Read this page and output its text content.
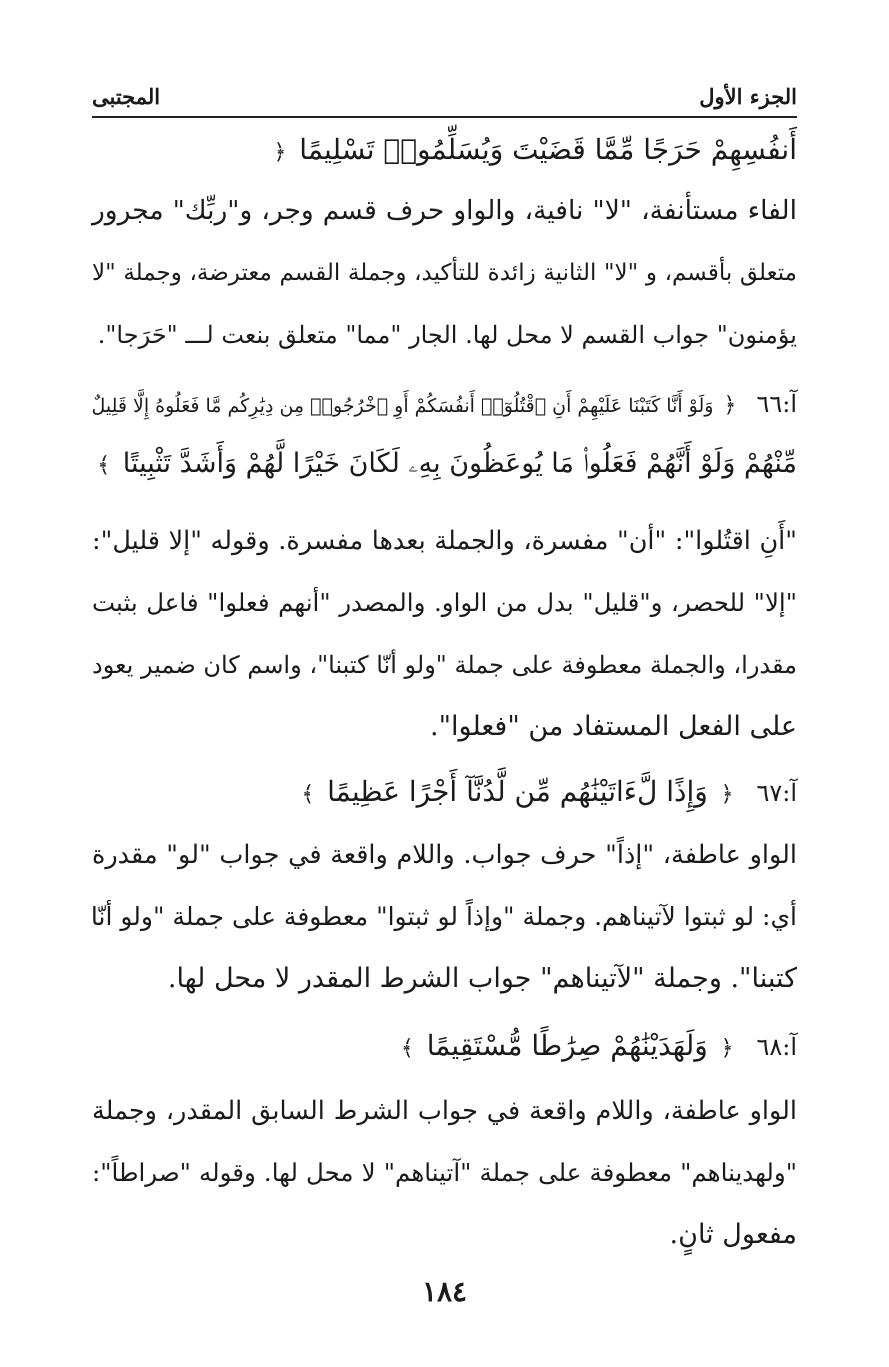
الجزء الأول
المجتبى
أَنفُسِهِمْ حَرَجًا مِّمَّا قَضَيْتَ وَيُسَلِّمُوا۟ تَسْلِيمًا ﴿
الفاء مستأنفة، "لا" نافية، والواو حرف قسم وجر، و"ربِّك" مجرور
متعلق بأقسم، و "لا" الثانية زائدة للتأكيد، وجملة القسم معترضة، وجملة "لا
يؤمنون" جواب القسم لا محل لها. الجار "مما" متعلق بنعت لـــ "حَرَجا".
آ:٦٦ ﴿ وَلَوْ أَنَّا كَتَبْنَا عَلَيْهِمْ أَنِ ٱقْتُلُوٓا۟ أَنفُسَكُمْ أَوِ ٱخْرُجُوا۟ مِن دِيَٰرِكُم مَّا فَعَلُوهُ إِلَّا قَلِيلٌ
مِّنْهُمْ وَلَوْ أَنَّهُمْ فَعَلُوا۟ مَا يُوعَظُونَ بِهِۦ لَكَانَ خَيْرًا لَّهُمْ وَأَشَدَّ تَثْبِيتًا ﴾
"أَنِ اقتُلوا": "أن" مفسرة، والجملة بعدها مفسرة. وقوله "إلا قليل":
"إلا" للحصر، و"قليل" بدل من الواو. والمصدر "أنهم فعلوا" فاعل بثبت
مقدرا، والجملة معطوفة على جملة "ولو أنّا كتبنا"، واسم كان ضمير يعود
على الفعل المستفاد من "فعلوا".
آ:٦٧ ﴿ وَإِذًا لَّءَاتَيْنَٰهُم مِّن لَّدُنَّآ أَجْرًا عَظِيمًا ﴾
الواو عاطفة، "إذاً" حرف جواب. واللام واقعة في جواب "لو" مقدرة
أي: لو ثبتوا لآتيناهم. وجملة "وإذاً لو ثبتوا" معطوفة على جملة "ولو أنّا
كتبنا". وجملة "لآتيناهم" جواب الشرط المقدر لا محل لها.
آ:٦٨ ﴿ وَلَهَدَيْنَٰهُمْ صِرَٰطًا مُّسْتَقِيمًا ﴾
الواو عاطفة، واللام واقعة في جواب الشرط السابق المقدر، وجملة
"ولهديناهم" معطوفة على جملة "آتيناهم" لا محل لها. وقوله "صراطاً":
مفعول ثانٍ.
١٨٤
